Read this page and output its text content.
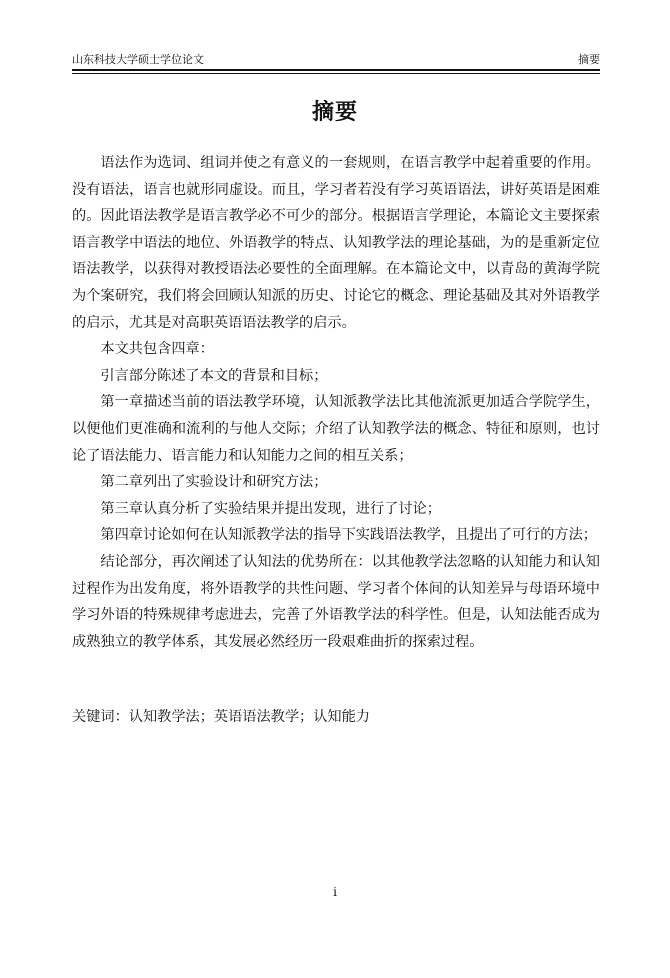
山东科技大学硕士学位论文	摘要
摘要

语法作为选词、组词并使之有意义的一套规则，在语言教学中起着重要的作用。没有语法，语言也就形同虚设。而且，学习者若没有学习英语语法，讲好英语是困难的。因此语法教学是语言教学必不可少的部分。根据语言学理论，本篇论文主要探索语言教学中语法的地位、外语教学的特点、认知教学法的理论基础，为的是重新定位语法教学，以获得对教授语法必要性的全面理解。在本篇论文中，以青岛的黄海学院为个案研究，我们将会回顾认知派的历史、讨论它的概念、理论基础及其对外语教学的启示，尤其是对高职英语语法教学的启示。

本文共包含四章：

引言部分陈述了本文的背景和目标；

第一章描述当前的语法教学环境，认知派教学法比其他流派更加适合学院学生，以便他们更准确和流利的与他人交际；介绍了认知教学法的概念、特征和原则，也讨论了语法能力、语言能力和认知能力之间的相互关系；

第二章列出了实验设计和研究方法；

第三章认真分析了实验结果并提出发现，进行了讨论；

第四章讨论如何在认知派教学法的指导下实践语法教学，且提出了可行的方法；

结论部分，再次阐述了认知法的优势所在：以其他教学法忽略的认知能力和认知过程作为出发角度，将外语教学的共性问题、学习者个体间的认知差异与母语环境中学习外语的特殊规律考虑进去，完善了外语教学法的科学性。但是，认知法能否成为成熟独立的教学体系，其发展必然经历一段艰难曲折的探索过程。

关键词：认知教学法；英语语法教学；认知能力
i
